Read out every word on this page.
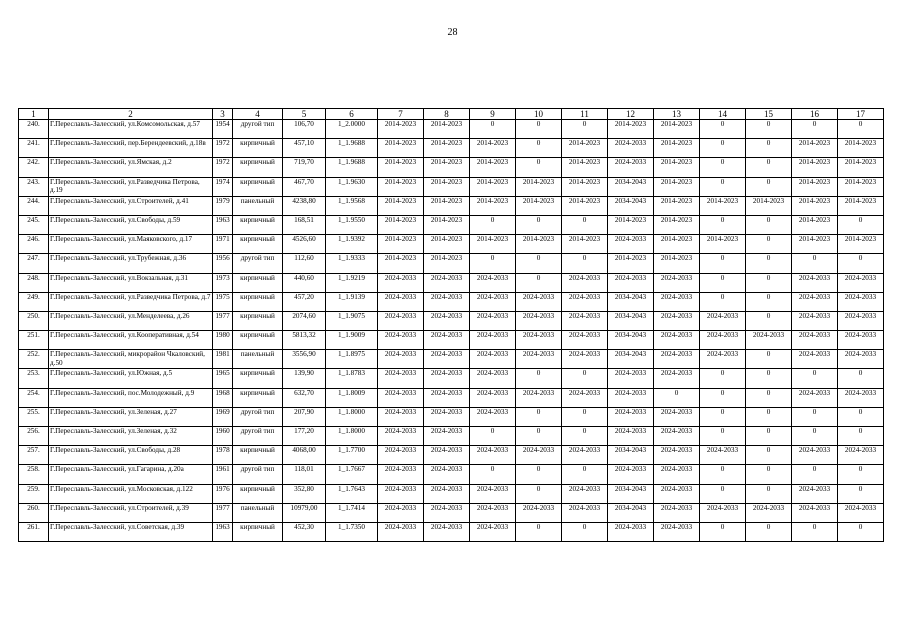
28
1	2	3	4	5	6	7	8	9	10	11	12	13	14	15	16	17
240.	Г.Переславль-Залесский, ул.Комсомольская, д.57	1954	другой тип	106,70	1_2.0000	2014-2023	2014-2023	0	0	0	2014-2023	2014-2023	0	0	0	0
241.	Г.Переславль-Залесский, пер.Берендеевский, д.18в	1972	кирпичный	457,10	1_1.9688	2014-2023	2014-2023	2014-2023	0	2014-2023	2024-2033	2014-2023	0	0	2014-2023	2014-2023
242.	Г.Переславль-Залесский, ул.Ямская, д.2	1972	кирпичный	719,70	1_1.9688	2014-2023	2014-2023	2014-2023	0	2014-2023	2024-2033	2014-2023	0	0	2014-2023	2014-2023
243.	Г.Переславль-Залесский, ул.Разведчика Петрова, д.19	1974	кирпичный	467,70	1_1.9630	2014-2023	2014-2023	2014-2023	2014-2023	2014-2023	2034-2043	2014-2023	0	0	2014-2023	2014-2023
244.	Г.Переславль-Залесский, ул.Строителей, д.41	1979	панельный	4238,80	1_1.9568	2014-2023	2014-2023	2014-2023	2014-2023	2014-2023	2034-2043	2014-2023	2014-2023	2014-2023	2014-2023	2014-2023
245.	Г.Переславль-Залесский, ул.Свободы, д.59	1963	кирпичный	168,51	1_1.9550	2014-2023	2014-2023	0	0	0	2014-2023	2014-2023	0	0	2014-2023	0
246.	Г.Переславль-Залесский, ул.Маяковского, д.17	1971	кирпичный	4526,60	1_1.9392	2014-2023	2014-2023	2014-2023	2014-2023	2014-2023	2024-2033	2014-2023	2014-2023	0	2014-2023	2014-2023
247.	Г.Переславль-Залесский, ул.Трубежная, д.36	1956	другой тип	112,60	1_1.9333	2014-2023	2014-2023	0	0	0	2014-2023	2014-2023	0	0	0	0
248.	Г.Переславль-Залесский, ул.Вокзальная, д.31	1973	кирпичный	440,60	1_1.9219	2024-2033	2024-2033	2024-2033	0	2024-2033	2024-2033	2024-2033	0	0	2024-2033	2024-2033
249.	Г.Переславль-Залесский, ул.Разведчика Петрова, д.7	1975	кирпичный	457,20	1_1.9139	2024-2033	2024-2033	2024-2033	2024-2033	2024-2033	2034-2043	2024-2033	0	0	2024-2033	2024-2033
250.	Г.Переславль-Залесский, ул.Менделеева, д.26	1977	кирпичный	2074,60	1_1.9075	2024-2033	2024-2033	2024-2033	2024-2033	2024-2033	2034-2043	2024-2033	2024-2033	0	2024-2033	2024-2033
251.	Г.Переславль-Залесский, ул.Кооперативная, д.54	1980	кирпичный	5813,32	1_1.9009	2024-2033	2024-2033	2024-2033	2024-2033	2024-2033	2034-2043	2024-2033	2024-2033	2024-2033	2024-2033	2024-2033
252.	Г.Переславль-Залесский, микрорайон Чкаловский, д.50	1981	панельный	3556,90	1_1.8975	2024-2033	2024-2033	2024-2033	2024-2033	2024-2033	2034-2043	2024-2033	2024-2033	0	2024-2033	2024-2033
253.	Г.Переславль-Залесский, ул.Южная, д.5	1965	кирпичный	139,90	1_1.8783	2024-2033	2024-2033	2024-2033	0	0	2024-2033	2024-2033	0	0	0	0
254.	Г.Переславль-Залесский, пос.Молодежный, д.9	1968	кирпичный	632,70	1_1.8009	2024-2033	2024-2033	2024-2033	2024-2033	2024-2033	2024-2033	0	0	0	2024-2033	2024-2033
255.	Г.Переславль-Залесский, ул.Зеленая, д.27	1969	другой тип	207,90	1_1.8000	2024-2033	2024-2033	2024-2033	0	0	2024-2033	2024-2033	0	0	0	0
256.	Г.Переславль-Залесский, ул.Зеленая, д.32	1960	другой тип	177,20	1_1.8000	2024-2033	2024-2033	0	0	0	2024-2033	2024-2033	0	0	0	0
257.	Г.Переславль-Залесский, ул.Свободы, д.28	1978	кирпичный	4068,00	1_1.7700	2024-2033	2024-2033	2024-2033	2024-2033	2024-2033	2034-2043	2024-2033	2024-2033	0	2024-2033	2024-2033
258.	Г.Переславль-Залесский, ул.Гагарина, д.20а	1961	другой тип	118,01	1_1.7667	2024-2033	2024-2033	0	0	0	2024-2033	2024-2033	0	0	0	0
259.	Г.Переславль-Залесский, ул.Московская, д.122	1976	кирпичный	352,80	1_1.7643	2024-2033	2024-2033	2024-2033	0	2024-2033	2034-2043	2024-2033	0	0	2024-2033	0
260.	Г.Переславль-Залесский, ул.Строителей, д.39	1977	панельный	10979,00	1_1.7414	2024-2033	2024-2033	2024-2033	2024-2033	2024-2033	2034-2043	2024-2033	2024-2033	2024-2033	2024-2033	2024-2033
261.	Г.Переславль-Залесский, ул.Советская, д.39	1963	кирпичный	452,30	1_1.7350	2024-2033	2024-2033	2024-2033	0	0	2024-2033	2024-2033	0	0	0	0
